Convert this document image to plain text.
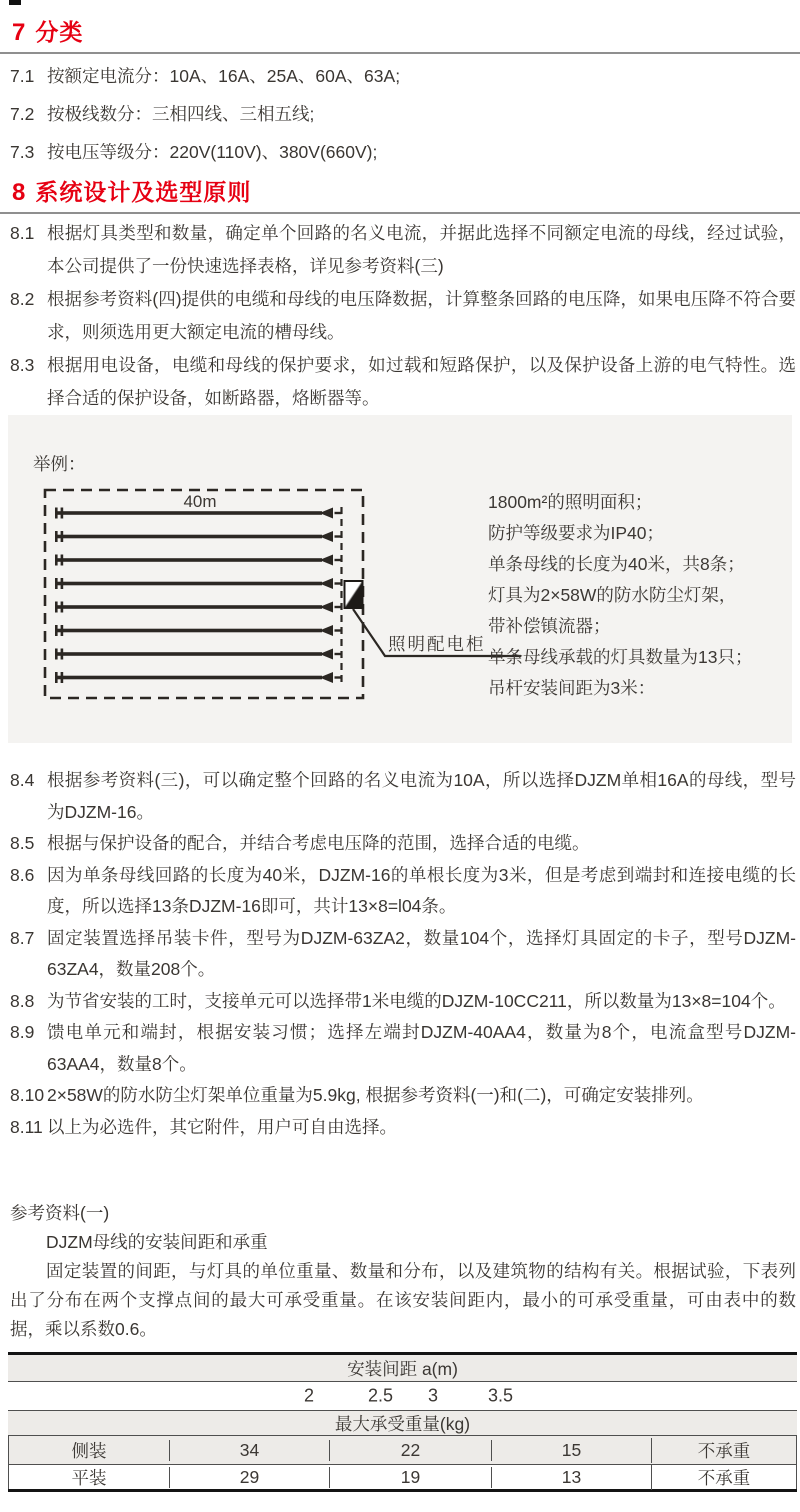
7 分类
7.1 按额定电流分：10A、16A、25A、60A、63A;
7.2 按极线数分：三相四线、三相五线;
7.3 按电压等级分：220V(110V)、380V(660V);
8 系统设计及选型原则
8.1 根据灯具类型和数量，确定单个回路的名义电流，并据此选择不同额定电流的母线，经过试验，本公司提供了一份快速选择表格，详见参考资料(三)
8.2 根据参考资料(四)提供的电缆和母线的电压降数据，计算整条回路的电压降，如果电压降不符合要求，则须选用更大额定电流的槽母线。
8.3 根据用电设备，电缆和母线的保护要求，如过载和短路保护，以及保护设备上游的电气特性。选择合适的保护设备，如断路器，烙断器等。
举例：
40m
照明配电柜
1800m²的照明面积；
防护等级要求为IP40；
单条母线的长度为40米，共8条；
灯具为2×58W的防水防尘灯架，
带补偿镇流器；
单条母线承载的灯具数量为13只；
吊杆安装间距为3米：
8.4 根据参考资料(三)，可以确定整个回路的名义电流为10A，所以选择DJZM单相16A的母线，型号为DJZM-16。
8.5 根据与保护设备的配合，并结合考虑电压降的范围，选择合适的电缆。
8.6 因为单条母线回路的长度为40米，DJZM-16的单根长度为3米，但是考虑到端封和连接电缆的长度，所以选择13条DJZM-16即可，共计13×8=l04条。
8.7 固定装置选择吊装卡件，型号为DJZM-63ZA2，数量104个，选择灯具固定的卡子，型号DJZM-63ZA4，数量208个。
8.8 为节省安装的工时，支接单元可以选择带1米电缆的DJZM-10CC211，所以数量为13×8=104个。
8.9 馈电单元和端封，根据安装习惯；选择左端封DJZM-40AA4，数量为8个，电流盒型号DJZM-63AA4，数量8个。
8.10 2×58W的防水防尘灯架单位重量为5.9kg, 根据参考资料(一)和(二)，可确定安装排列。
8.11 以上为必选件，其它附件，用户可自由选择。
参考资料(一)
DJZM母线的安装间距和承重
固定装置的间距，与灯具的单位重量、数量和分布，以及建筑物的结构有关。根据试验，下表列出了分布在两个支撑点间的最大可承受重量。在该安装间距内，最小的可承受重量，可由表中的数据，乘以系数0.6。
安装间距 a(m)
2	2.5 3	3.5
最大承受重量(kg)
侧装	34	22	15	不承重
平装	29	19	13	不承重
